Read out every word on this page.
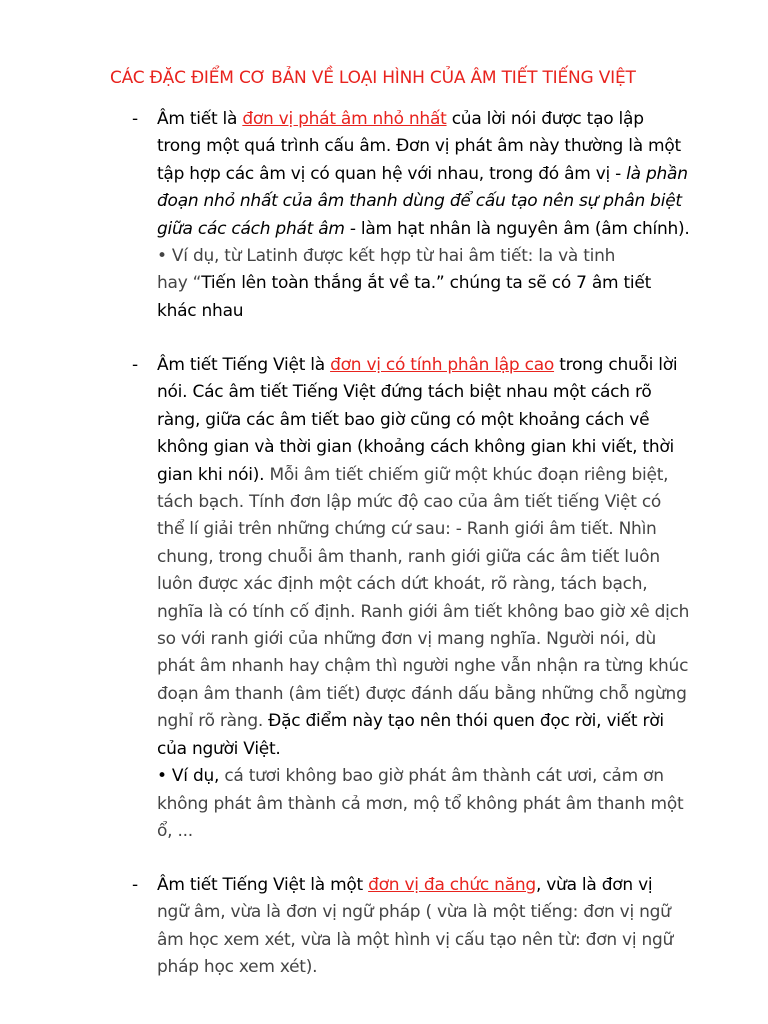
CÁC ĐẶC ĐIỂM CƠ BẢN VỀ LOẠI HÌNH CỦA ÂM TIẾT TIẾNG VIỆT
- Âm tiết là đơn vị phát âm nhỏ nhất của lời nói được tạo lập
trong một quá trình cấu âm. Đơn vị phát âm này thường là một
tập hợp các âm vị có quan hệ với nhau, trong đó âm vị - là phần
đoạn nhỏ nhất của âm thanh dùng để cấu tạo nên sự phân biệt
giữa các cách phát âm - làm hạt nhân là nguyên âm (âm chính).
• Ví dụ, từ Latinh được kết hợp từ hai âm tiết: la và tinh
hay “Tiến lên toàn thắng ắt về ta.” chúng ta sẽ có 7 âm tiết
khác nhau
- Âm tiết Tiếng Việt là đơn vị có tính phân lập cao trong chuỗi lời
nói. Các âm tiết Tiếng Việt đứng tách biệt nhau một cách rõ
ràng, giữa các âm tiết bao giờ cũng có một khoảng cách về
không gian và thời gian (khoảng cách không gian khi viết, thời
gian khi nói). Mỗi âm tiết chiếm giữ một khúc đoạn riêng biệt,
tách bạch. Tính đơn lập mức độ cao của âm tiết tiếng Việt có
thể lí giải trên những chứng cứ sau: - Ranh giới âm tiết. Nhìn
chung, trong chuỗi âm thanh, ranh giới giữa các âm tiết luôn
luôn được xác định một cách dứt khoát, rõ ràng, tách bạch,
nghĩa là có tính cố định. Ranh giới âm tiết không bao giờ xê dịch
so với ranh giới của những đơn vị mang nghĩa. Người nói, dù
phát âm nhanh hay chậm thì người nghe vẫn nhận ra từng khúc
đoạn âm thanh (âm tiết) được đánh dấu bằng những chỗ ngừng
nghỉ rõ ràng. Đặc điểm này tạo nên thói quen đọc rời, viết rời
của người Việt.
• Ví dụ, cá tươi không bao giờ phát âm thành cát ươi, cảm ơn
không phát âm thành cả mơn, mộ tổ không phát âm thanh một
ổ, ...
- Âm tiết Tiếng Việt là một đơn vị đa chức năng, vừa là đơn vị
ngữ âm, vừa là đơn vị ngữ pháp ( vừa là một tiếng: đơn vị ngữ
âm học xem xét, vừa là một hình vị cấu tạo nên từ: đơn vị ngữ
pháp học xem xét).
